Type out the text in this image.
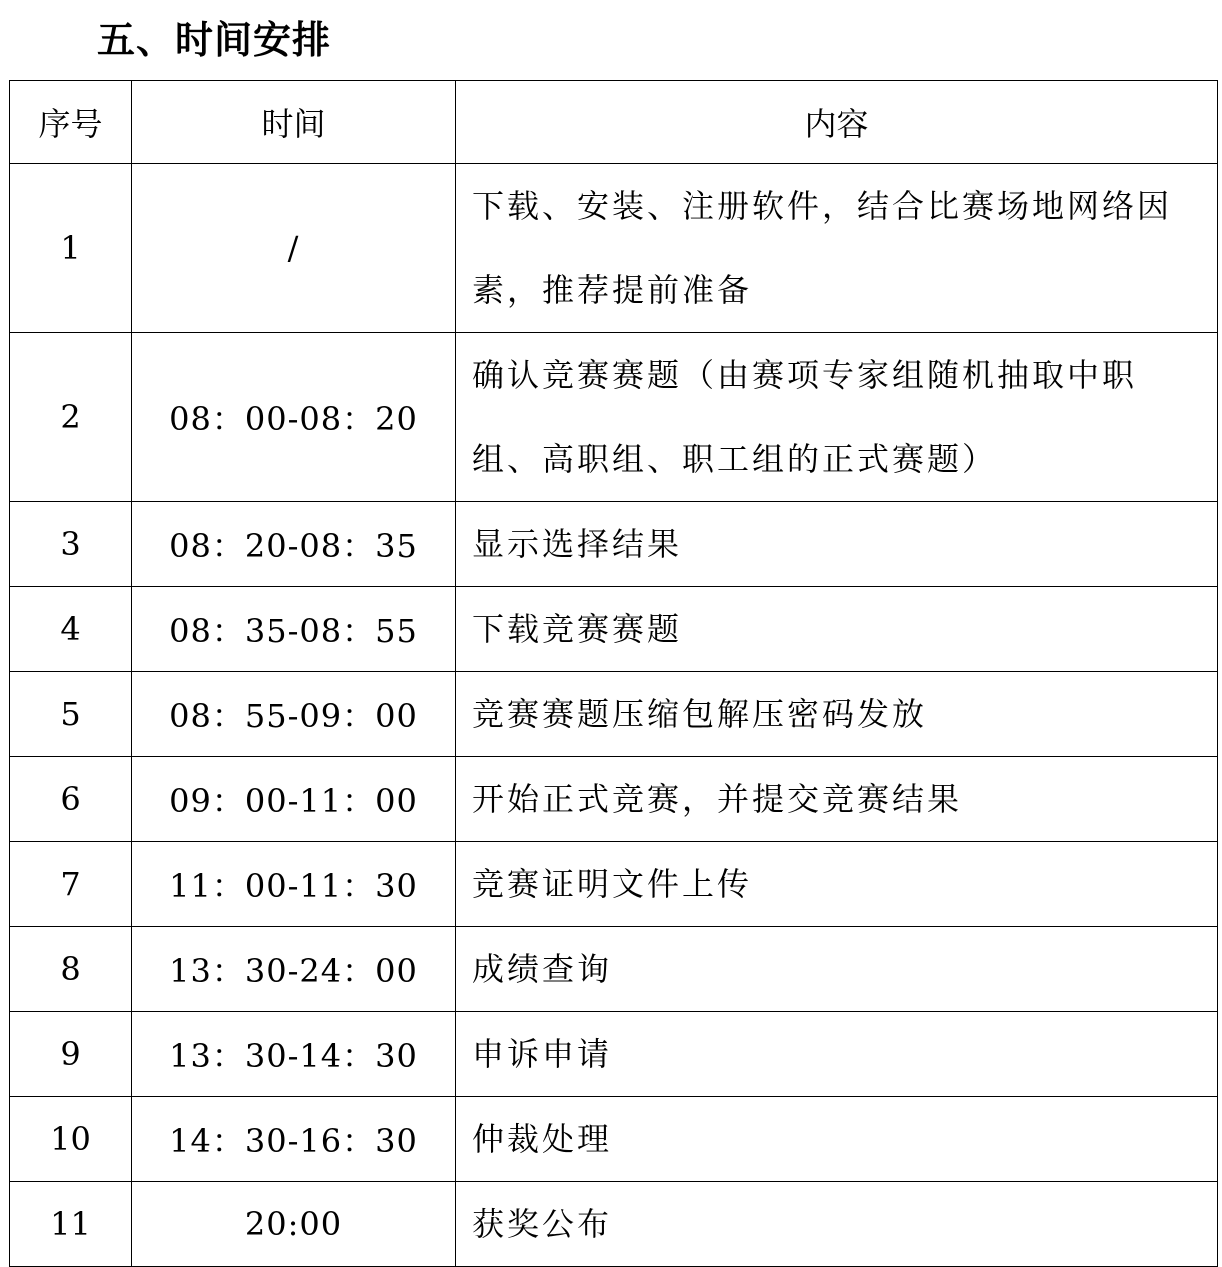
五、时间安排
序号	时间	内容
1	/	下载、安装、注册软件，结合比赛场地网络因素，推荐提前准备
2	08：00-08：20	确认竞赛赛题（由赛项专家组随机抽取中职组、高职组、职工组的正式赛题）
3	08：20-08：35	显示选择结果
4	08：35-08：55	下载竞赛赛题
5	08：55-09：00	竞赛赛题压缩包解压密码发放
6	09：00-11：00	开始正式竞赛，并提交竞赛结果
7	11：00-11：30	竞赛证明文件上传
8	13：30-24：00	成绩查询
9	13：30-14：30	申诉申请
10	14：30-16：30	仲裁处理
11	20:00	获奖公布
